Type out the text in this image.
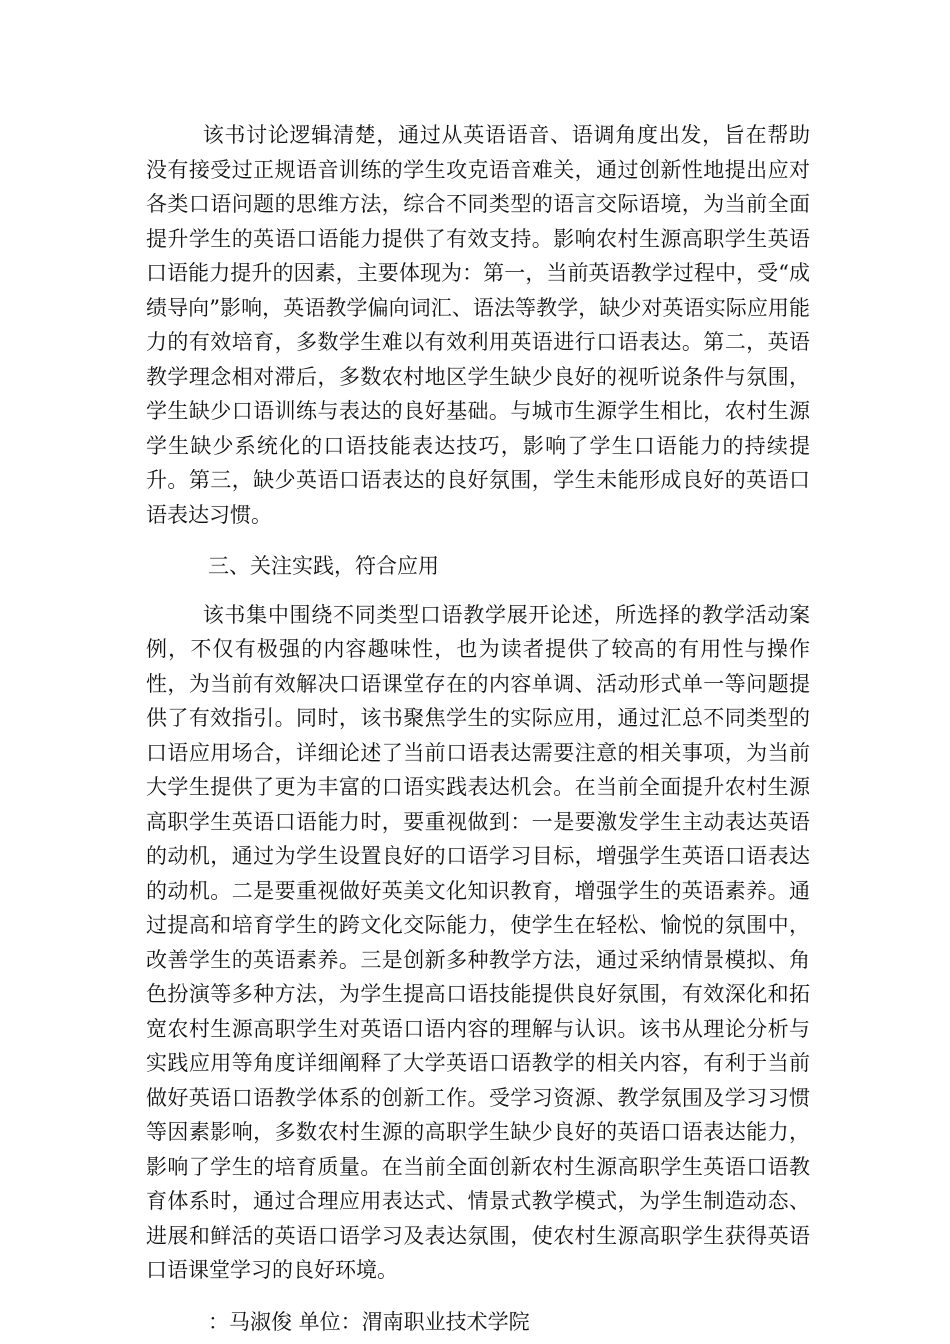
该书讨论逻辑清楚，通过从英语语音、语调角度出发，旨在帮助没有接受过正规语音训练的学生攻克语音难关，通过创新性地提出应对各类口语问题的思维方法，综合不同类型的语言交际语境，为当前全面提升学生的英语口语能力提供了有效支持。影响农村生源高职学生英语口语能力提升的因素，主要体现为：第一，当前英语教学过程中，受“成绩导向”影响，英语教学偏向词汇、语法等教学，缺少对英语实际应用能力的有效培育，多数学生难以有效利用英语进行口语表达。第二，英语教学理念相对滞后，多数农村地区学生缺少良好的视听说条件与氛围，学生缺少口语训练与表达的良好基础。与城市生源学生相比，农村生源学生缺少系统化的口语技能表达技巧，影响了学生口语能力的持续提升。第三，缺少英语口语表达的良好氛围，学生未能形成良好的英语口语表达习惯。

三、关注实践，符合应用

该书集中围绕不同类型口语教学展开论述，所选择的教学活动案例，不仅有极强的内容趣味性，也为读者提供了较高的有用性与操作性，为当前有效解决口语课堂存在的内容单调、活动形式单一等问题提供了有效指引。同时，该书聚焦学生的实际应用，通过汇总不同类型的口语应用场合，详细论述了当前口语表达需要注意的相关事项，为当前大学生提供了更为丰富的口语实践表达机会。在当前全面提升农村生源高职学生英语口语能力时，要重视做到：一是要激发学生主动表达英语的动机，通过为学生设置良好的口语学习目标，增强学生英语口语表达的动机。二是要重视做好英美文化知识教育，增强学生的英语素养。通过提高和培育学生的跨文化交际能力，使学生在轻松、愉悦的氛围中，改善学生的英语素养。三是创新多种教学方法，通过采纳情景模拟、角色扮演等多种方法，为学生提高口语技能提供良好氛围，有效深化和拓宽农村生源高职学生对英语口语内容的理解与认识。该书从理论分析与实践应用等角度详细阐释了大学英语口语教学的相关内容，有利于当前做好英语口语教学体系的创新工作。受学习资源、教学氛围及学习习惯等因素影响，多数农村生源的高职学生缺少良好的英语口语表达能力，影响了学生的培育质量。在当前全面创新农村生源高职学生英语口语教育体系时，通过合理应用表达式、情景式教学模式，为学生制造动态、进展和鲜活的英语口语学习及表达氛围，使农村生源高职学生获得英语口语课堂学习的良好环境。

：马淑俊 单位：渭南职业技术学院
